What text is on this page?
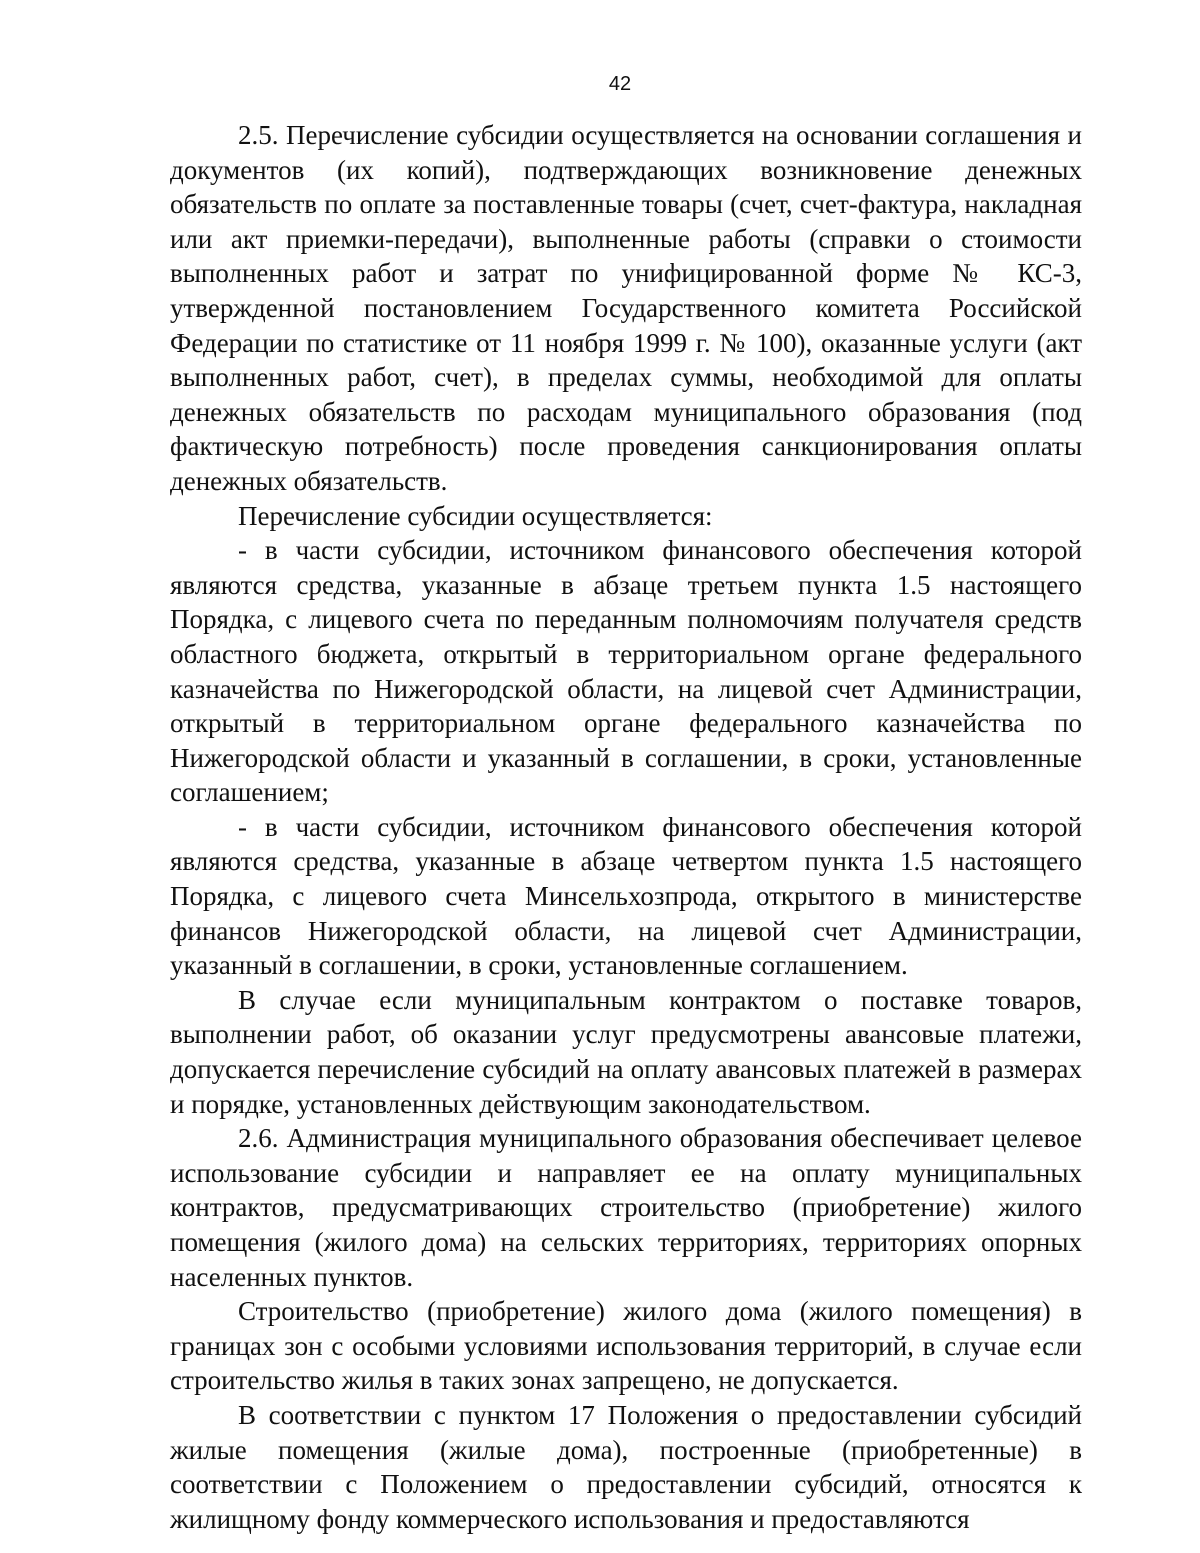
42

2.5. Перечисление субсидии осуществляется на основании соглашения и документов (их копий), подтверждающих возникновение денежных обязательств по оплате за поставленные товары (счет, счет-фактура, накладная или акт приемки-передачи), выполненные работы (справки о стоимости выполненных работ и затрат по унифицированной форме № КС-3, утвержденной постановлением Государственного комитета Российской Федерации по статистике от 11 ноября 1999 г. № 100), оказанные услуги (акт выполненных работ, счет), в пределах суммы, необходимой для оплаты денежных обязательств по расходам муниципального образования (под фактическую потребность) после проведения санкционирования оплаты денежных обязательств.

Перечисление субсидии осуществляется:

- в части субсидии, источником финансового обеспечения которой являются средства, указанные в абзаце третьем пункта 1.5 настоящего Порядка, с лицевого счета по переданным полномочиям получателя средств областного бюджета, открытый в территориальном органе федерального казначейства по Нижегородской области, на лицевой счет Администрации, открытый в территориальном органе федерального казначейства по Нижегородской области и указанный в соглашении, в сроки, установленные соглашением;

- в части субсидии, источником финансового обеспечения которой являются средства, указанные в абзаце четвертом пункта 1.5 настоящего Порядка, с лицевого счета Минсельхозпрода, открытого в министерстве финансов Нижегородской области, на лицевой счет Администрации, указанный в соглашении, в сроки, установленные соглашением.

В случае если муниципальным контрактом о поставке товаров, выполнении работ, об оказании услуг предусмотрены авансовые платежи, допускается перечисление субсидий на оплату авансовых платежей в размерах и порядке, установленных действующим законодательством.

2.6. Администрация муниципального образования обеспечивает целевое использование субсидии и направляет ее на оплату муниципальных контрактов, предусматривающих строительство (приобретение) жилого помещения (жилого дома) на сельских территориях, территориях опорных населенных пунктов.

Строительство (приобретение) жилого дома (жилого помещения) в границах зон с особыми условиями использования территорий, в случае если строительство жилья в таких зонах запрещено, не допускается.

В соответствии с пунктом 17 Положения о предоставлении субсидий жилые помещения (жилые дома), построенные (приобретенные) в соответствии с Положением о предоставлении субсидий, относятся к жилищному фонду коммерческого использования и предоставляются
